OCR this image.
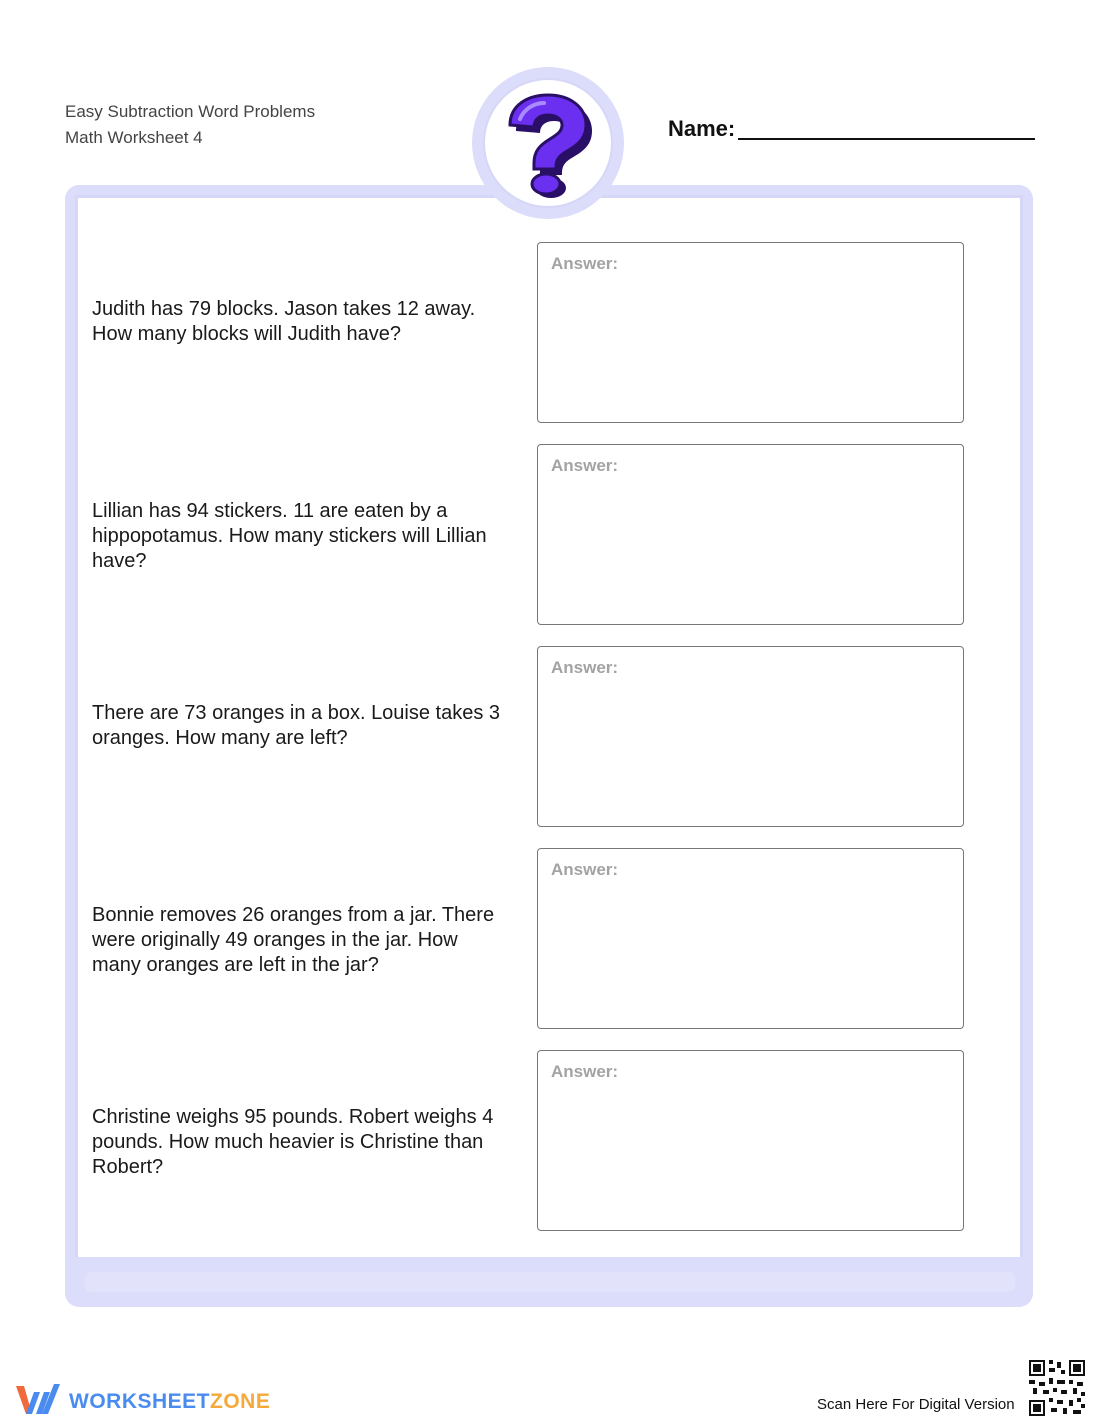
Easy Subtraction Word Problems
Math Worksheet 4	Name:
Judith has 79 blocks. Jason takes 12 away. How many blocks will Judith have?
Answer:
Lillian has 94 stickers. 11 are eaten by a hippopotamus. How many stickers will Lillian have?
Answer:
There are 73 oranges in a box. Louise takes 3 oranges. How many are left?
Answer:
Bonnie removes 26 oranges from a jar. There were originally 49 oranges in the jar. How many oranges are left in the jar?
Answer:
Christine weighs 95 pounds. Robert weighs 4 pounds. How much heavier is Christine than Robert?
Answer:
WORKSHEETZONE	Scan Here For Digital Version
